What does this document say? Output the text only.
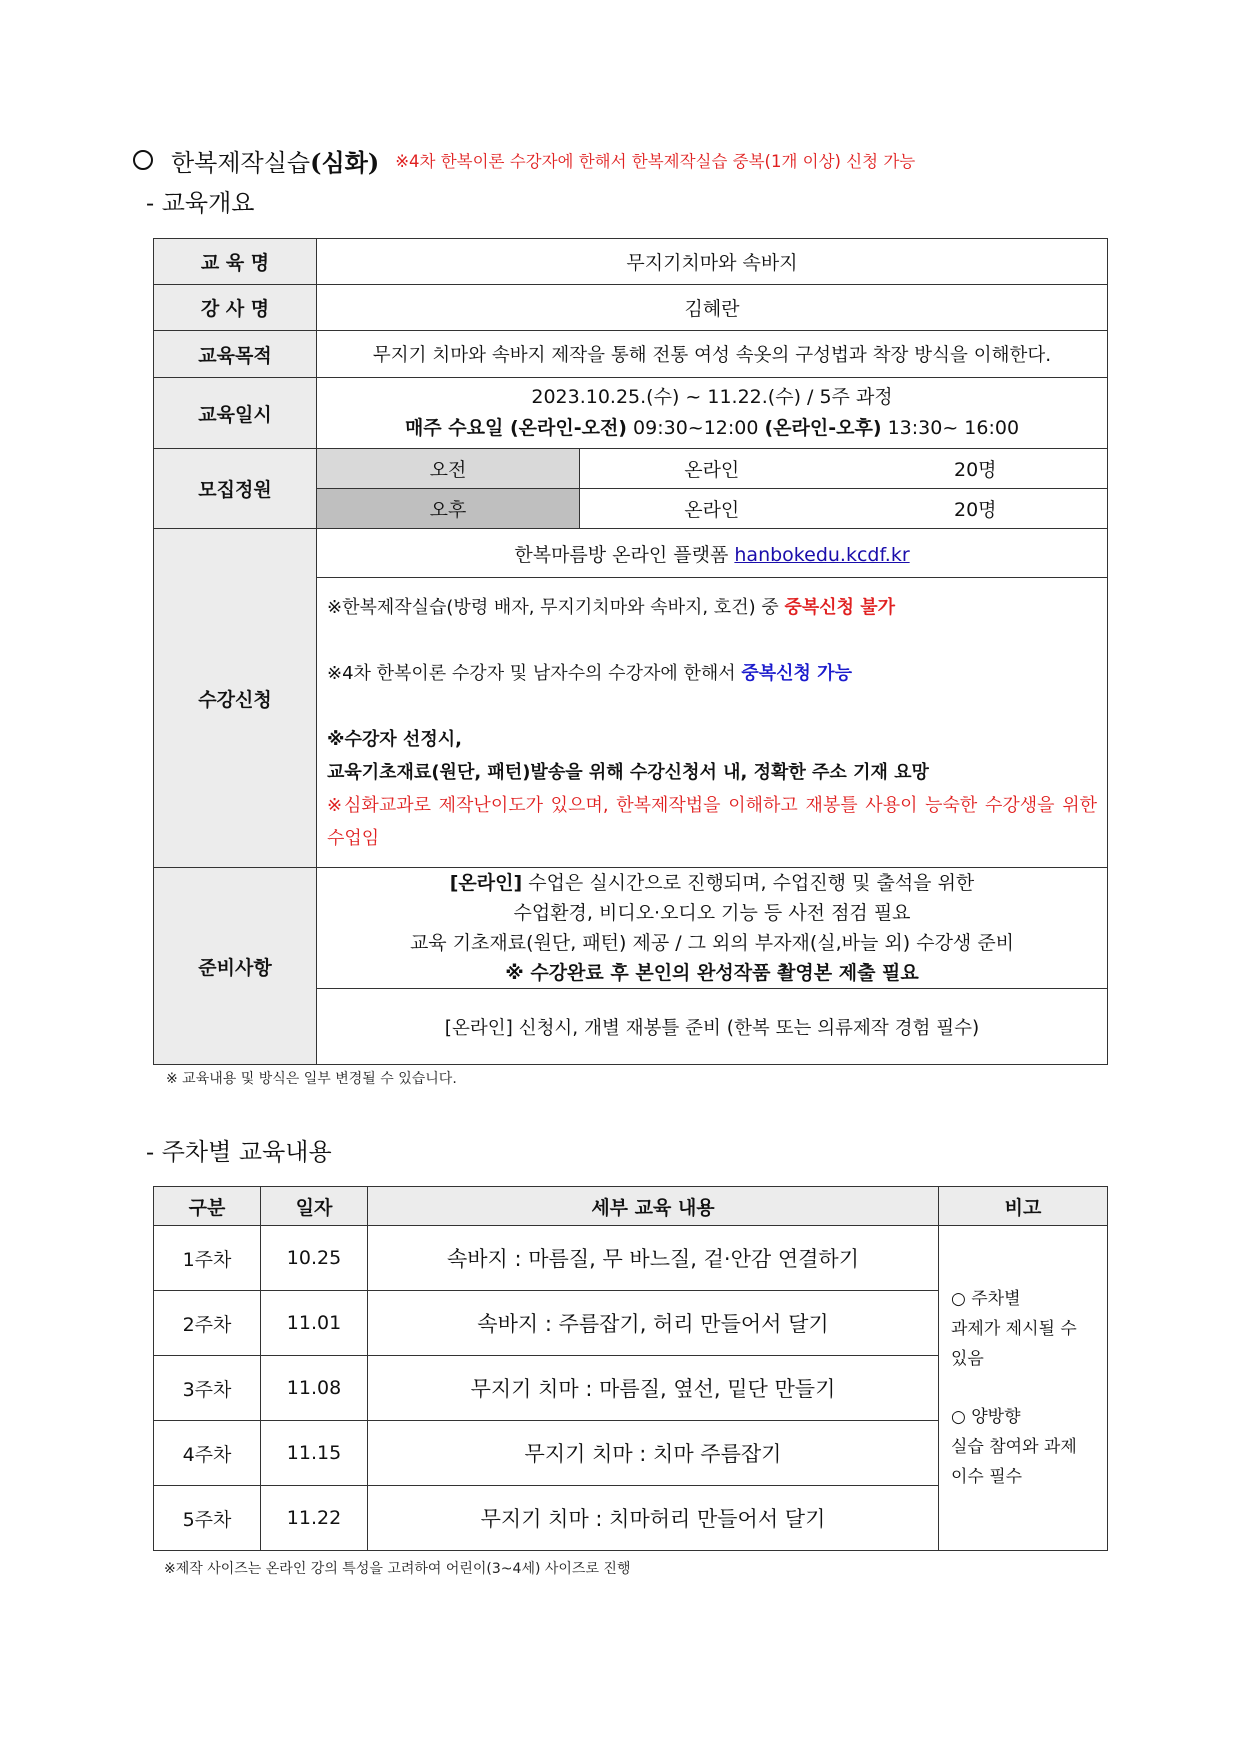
한복제작실습 (심화) ※4차 한복이론 수강자에 한해서 한복제작실습 중복(1개 이상) 신청 가능
- 교육개요
교 육 명	무지기치마와 속바지		
강 사 명	김혜란		
교육목적	무지기 치마와 속바지 제작을 통해 전통 여성 속옷의 구성법과 착장 방식을 이해한다.		
교육일시	2023.10.25.(수) ~ 11.22.(수) / 5주 과정
매주 수요일 (온라인-오전) 09:30~12:00 (온라인-오후) 13:30~ 16:00		

모집정원	오전	온라인	20명
	오후	온라인	20명
수강신청	한복마름방 온라인 플랫폼 hanbokedu.kcdf.kr		

	※한복제작실습(방령 배자, 무지기치마와 속바지, 호건) 중 중복신청 불가
※4차 한복이론 수강자 및 남자수의 수강자에 한해서 중복신청 가능
※수강자 선정시,
교육기초재료(원단, 패턴)발송을 위해 수강신청서 내, 정확한 주소 기재 요망
※심화교과로 제작난이도가 있으며, 한복제작법을 이해하고 재봉틀 사용이 능숙한 수강생을 위한 수업임		

준비사항	[온라인] 수업은 실시간으로 진행되며, 수업진행 및 출석을 위한
수업환경, 비디오·오디오 기능 등 사전 점검 필요
교육 기초재료(원단, 패턴) 제공 / 그 외의 부자재(실,바늘 외) 수강생 준비
※ 수강완료 후 본인의 완성작품 촬영본 제출 필요		

	[온라인] 신청시, 개별 재봉틀 준비 (한복 또는 의류제작 경험 필수)		
※ 교육내용 및 방식은 일부 변경될 수 있습니다.
- 주차별 교육내용
구분	일자	세부 교육 내용	비고
1주차	10.25	속바지 : 마름질, 무 바느질, 겉·안감 연결하기	○ 주차별
과제가 제시될 수 있음
○ 양방향
실습 참여와 과제 이수 필수

2주차	11.01	속바지 : 주름잡기, 허리 만들어서 달기	
3주차	11.08	무지기 치마 : 마름질, 옆선, 밑단 만들기	
4주차	11.15	무지기 치마 : 치마 주름잡기	
5주차	11.22	무지기 치마 : 치마허리 만들어서 달기	
※제작 사이즈는 온라인 강의 특성을 고려하여 어린이(3~4세) 사이즈로 진행
